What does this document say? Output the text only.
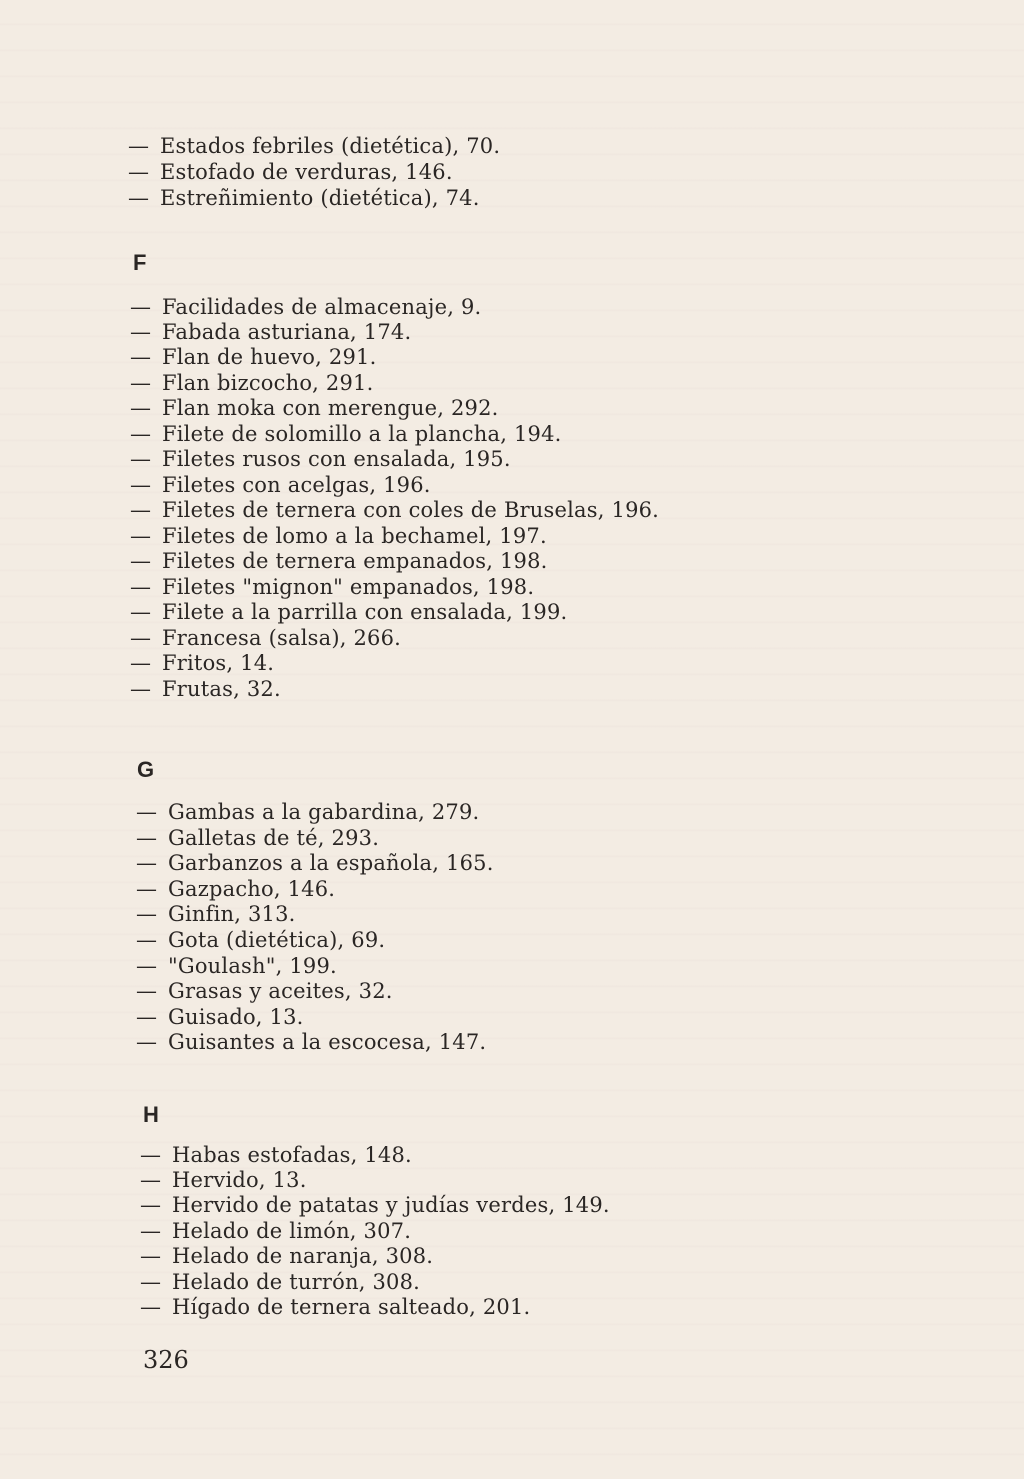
— Estados febriles (dietética), 70.
— Estofado de verduras, 146.
— Estreñimiento (dietética), 74.
F
— Facilidades de almacenaje, 9.
— Fabada asturiana, 174.
— Flan de huevo, 291.
— Flan bizcocho, 291.
— Flan moka con merengue, 292.
— Filete de solomillo a la plancha, 194.
— Filetes rusos con ensalada, 195.
— Filetes con acelgas, 196.
— Filetes de ternera con coles de Bruselas, 196.
— Filetes de lomo a la bechamel, 197.
— Filetes de ternera empanados, 198.
— Filetes "mignon" empanados, 198.
— Filete a la parrilla con ensalada, 199.
— Francesa (salsa), 266.
— Fritos, 14.
— Frutas, 32.
G
— Gambas a la gabardina, 279.
— Galletas de té, 293.
— Garbanzos a la española, 165.
— Gazpacho, 146.
— Ginfin, 313.
— Gota (dietética), 69.
— "Goulash", 199.
— Grasas y aceites, 32.
— Guisado, 13.
— Guisantes a la escocesa, 147.
H
— Habas estofadas, 148.
— Hervido, 13.
— Hervido de patatas y judías verdes, 149.
— Helado de limón, 307.
— Helado de naranja, 308.
— Helado de turrón, 308.
— Hígado de ternera salteado, 201.
326
